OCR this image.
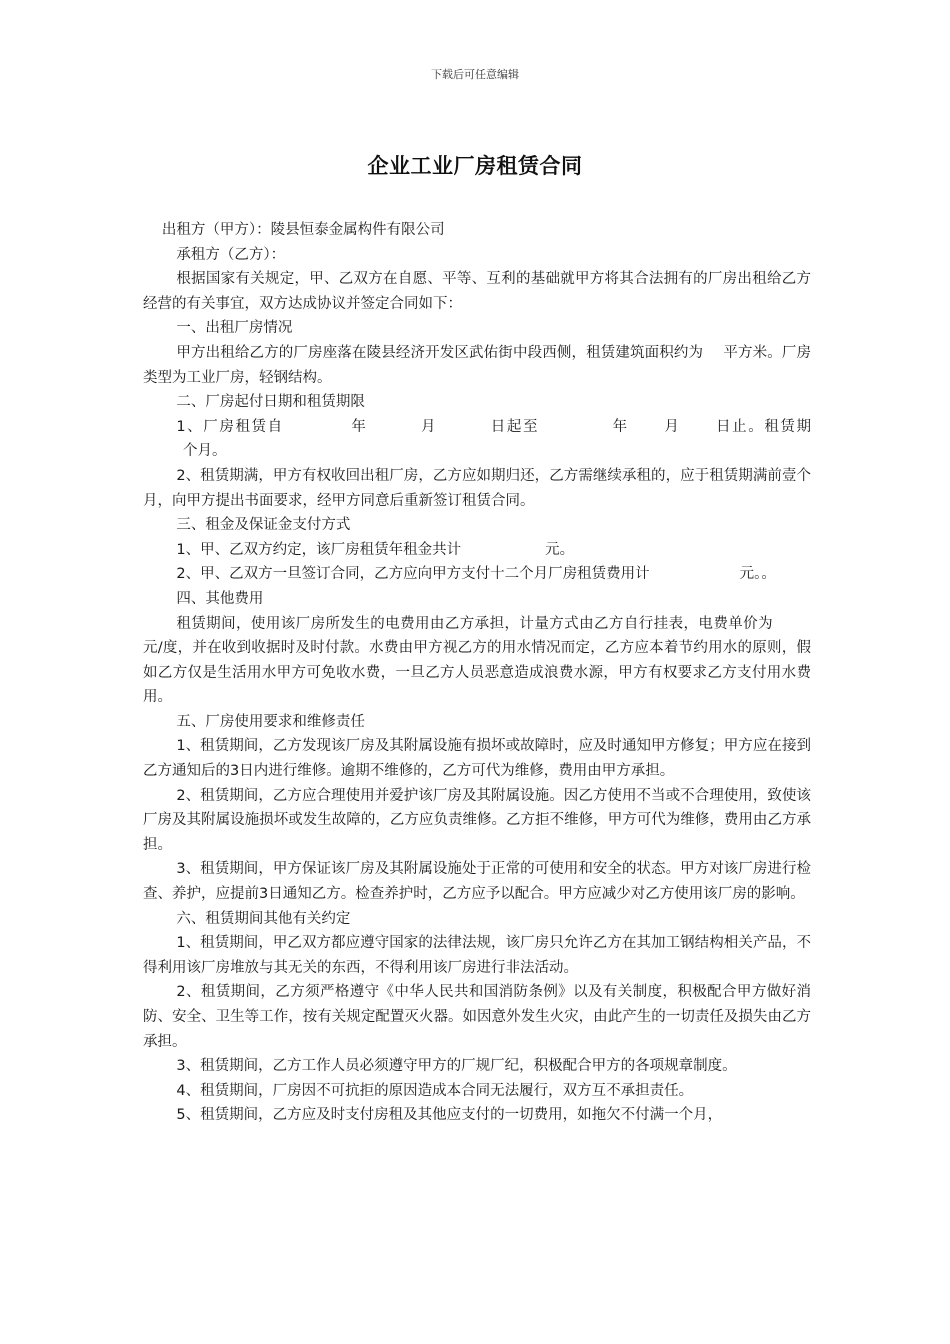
下载后可任意编辑
企业工业厂房租赁合同

出租方（甲方）：陵县恒泰金属构件有限公司

承租方（乙方）：

根据国家有关规定，甲、乙双方在自愿、平等、互利的基础就甲方将其合法拥有的厂房出租给乙方经营的有关事宜，双方达成协议并签定合同如下：

一、出租厂房情况

甲方出租给乙方的厂房座落在陵县经济开发区武佑街中段西侧，租赁建筑面积约为 平方米。厂房类型为工业厂房，轻钢结构。

二、厂房起付日期和租赁期限

1、厂房租赁自	年	月	日起至	年 月 日止。租赁期个月。

2、租赁期满，甲方有权收回出租厂房，乙方应如期归还，乙方需继续承租的，应于租赁期满前壹个月，向甲方提出书面要求，经甲方同意后重新签订租赁合同。

三、租金及保证金支付方式

1、甲、乙双方约定，该厂房租赁年租金共计	元。

2、甲、乙双方一旦签订合同，乙方应向甲方支付十二个月厂房租赁费用计	元。。

四、其他费用

租赁期间，使用该厂房所发生的电费用由乙方承担，计量方式由乙方自行挂表，电费单价为元/度，并在收到收据时及时付款。水费由甲方视乙方的用水情况而定，乙方应本着节约用水的原则，假如乙方仅是生活用水甲方可免收水费，一旦乙方人员恶意造成浪费水源，甲方有权要求乙方支付用水费用。

五、厂房使用要求和维修责任

1、租赁期间，乙方发现该厂房及其附属设施有损坏或故障时，应及时通知甲方修复；甲方应在接到乙方通知后的3日内进行维修。逾期不维修的，乙方可代为维修，费用由甲方承担。

2、租赁期间，乙方应合理使用并爱护该厂房及其附属设施。因乙方使用不当或不合理使用，致使该厂房及其附属设施损坏或发生故障的，乙方应负责维修。乙方拒不维修，甲方可代为维修，费用由乙方承担。

3、租赁期间，甲方保证该厂房及其附属设施处于正常的可使用和安全的状态。甲方对该厂房进行检查、养护，应提前3日通知乙方。检查养护时，乙方应予以配合。甲方应减少对乙方使用该厂房的影响。

六、租赁期间其他有关约定

1、租赁期间，甲乙双方都应遵守国家的法律法规，该厂房只允许乙方在其加工钢结构相关产品，不得利用该厂房堆放与其无关的东西，不得利用该厂房进行非法活动。

2、租赁期间，乙方须严格遵守《中华人民共和国消防条例》以及有关制度，积极配合甲方做好消防、安全、卫生等工作，按有关规定配置灭火器。如因意外发生火灾，由此产生的一切责任及损失由乙方承担。

3、租赁期间，乙方工作人员必须遵守甲方的厂规厂纪，积极配合甲方的各项规章制度。

4、租赁期间，厂房因不可抗拒的原因造成本合同无法履行，双方互不承担责任。

5、租赁期间，乙方应及时支付房租及其他应支付的一切费用，如拖欠不付满一个月，
